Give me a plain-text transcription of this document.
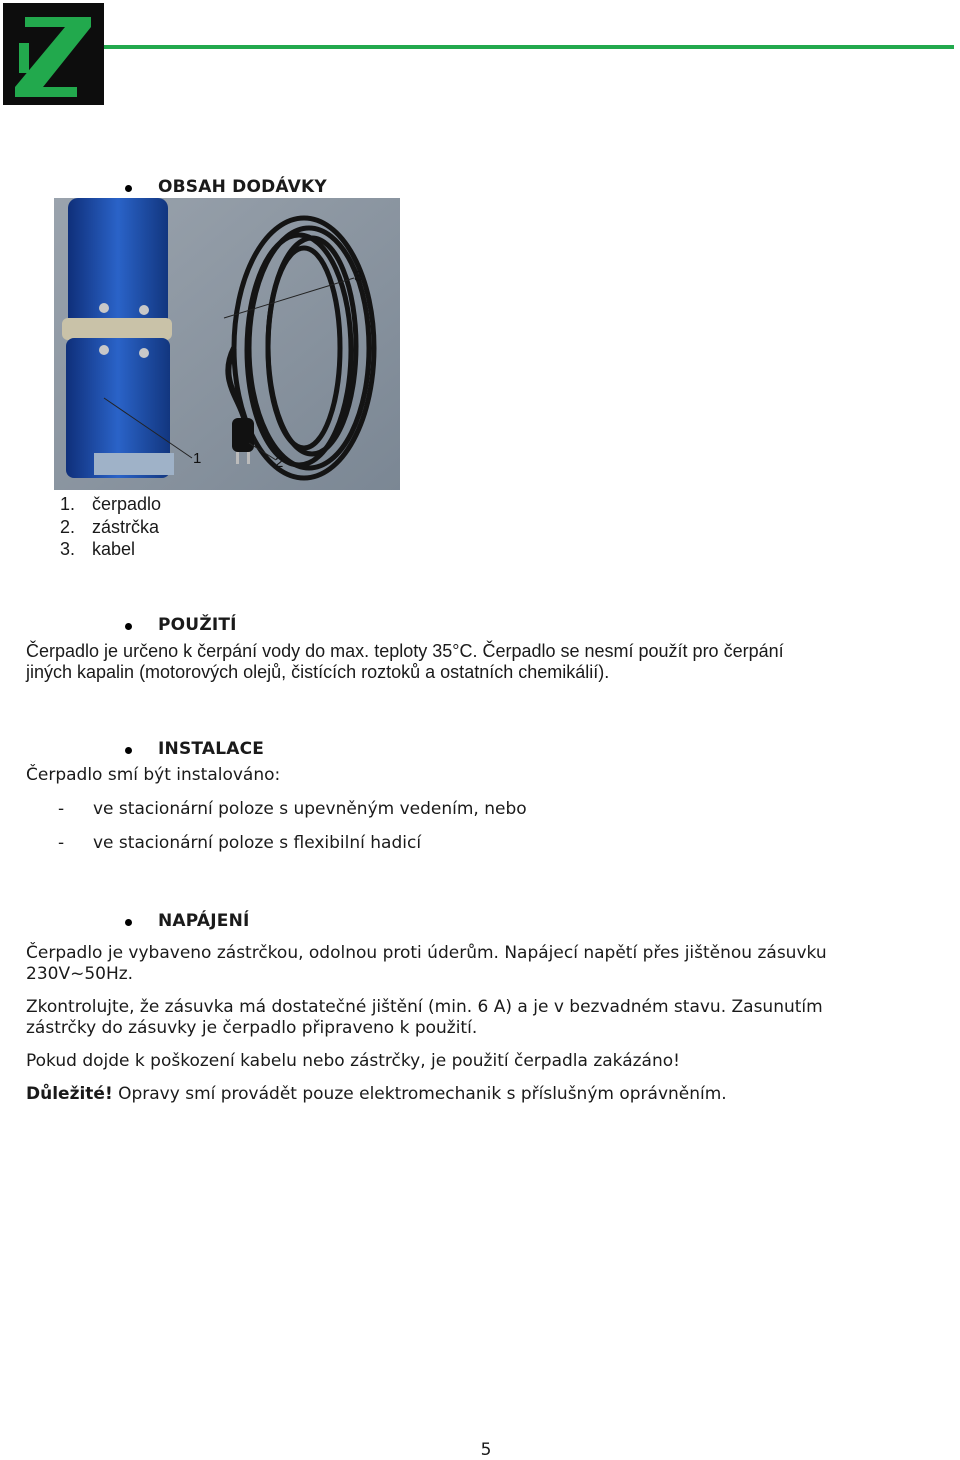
OBSAH DODÁVKY
1	2
3
1. čerpadlo
2. zástrčka
3. kabel
POUŽITÍ
Čerpadlo je určeno k čerpání vody do max. teploty 35°C. Čerpadlo se nesmí použít pro čerpání
jiných kapalin (motorových olejů, čistících roztoků a ostatních chemikálií).
INSTALACE
Čerpadlo smí být instalováno:
- ve stacionární poloze s upevněným vedením, nebo
- ve stacionární poloze s flexibilní hadicí
NAPÁJENÍ
Čerpadlo je vybaveno zástrčkou, odolnou proti úderům. Napájecí napětí přes jištěnou zásuvku
230V~50Hz.
Zkontrolujte, že zásuvka má dostatečné jištění (min. 6 A) a je v bezvadném stavu. Zasunutím
zástrčky do zásuvky je čerpadlo připraveno k použití.
Pokud dojde k poškození kabelu nebo zástrčky, je použití čerpadla zakázáno!
Důležité! Opravy smí provádět pouze elektromechanik s příslušným oprávněním.
5
